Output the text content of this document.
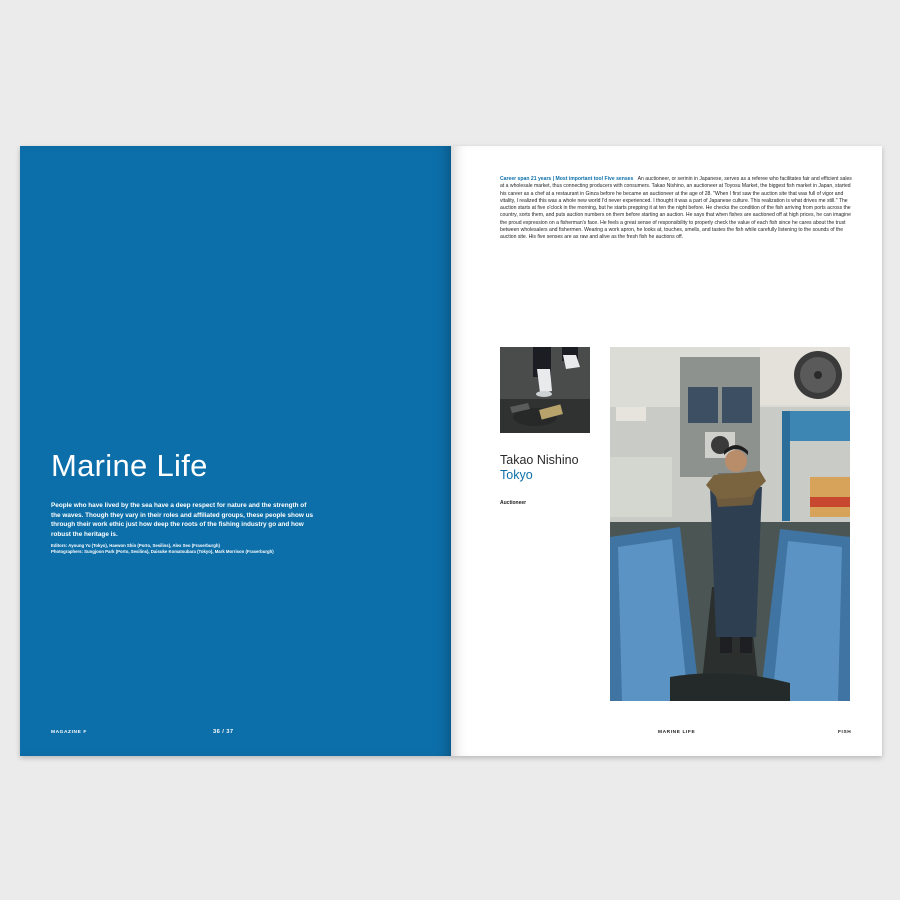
Marine Life

People who have lived by the sea have a deep respect for nature and the strength of the waves. Though they vary in their roles and affiliated groups, these people show us through their work ethic just how deep the roots of the fishing industry go and how robust the heritage is.

Editors: Ayoung Yu (Tokyo), Haewon Shin (Porto, Sesilins), Alex Seo (Fraserburgh)
Photographers: Sungjoon Park (Porto, Sesilins), Daisuke Komatsubara (Tokyo), Mark Morrison (Fraserburgh)
MAGAZINE F	36 / 37

Career span 21 years | Most important tool Five senses An auctioneer, or serinin in Japanese, serves as a referee who facilitates fair and efficient sales at a wholesale market, thus connecting producers with consumers. Takao Nishino, an auctioneer at Toyosu Market, the biggest fish market in Japan, started his career as a chef at a restaurant in Ginza before he became an auctioneer at the age of 28. "When I first saw the auction site that was full of vigor and vitality, I realized this was a whole new world I'd never experienced. I thought it was a part of Japanese culture. This realization is what drives me still." The auction starts at five o'clock in the morning, but he starts prepping it at ten the night before. He checks the condition of the fish arriving from ports across the country, sorts them, and puts auction numbers on them before starting an auction. He says that when fishes are auctioned off at high prices, he can imagine the proud expression on a fisherman's face. He feels a great sense of responsibility to properly check the value of each fish since he cares about the trust between wholesalers and fishermen. Wearing a work apron, he looks at, touches, smells, and tastes the fish while carefully listening to the sounds of the auction site. His five senses are as raw and alive as the fresh fish he auctions off.

Takao Nishino
Tokyo
Auctioneer
MARINE LIFE	FISH
